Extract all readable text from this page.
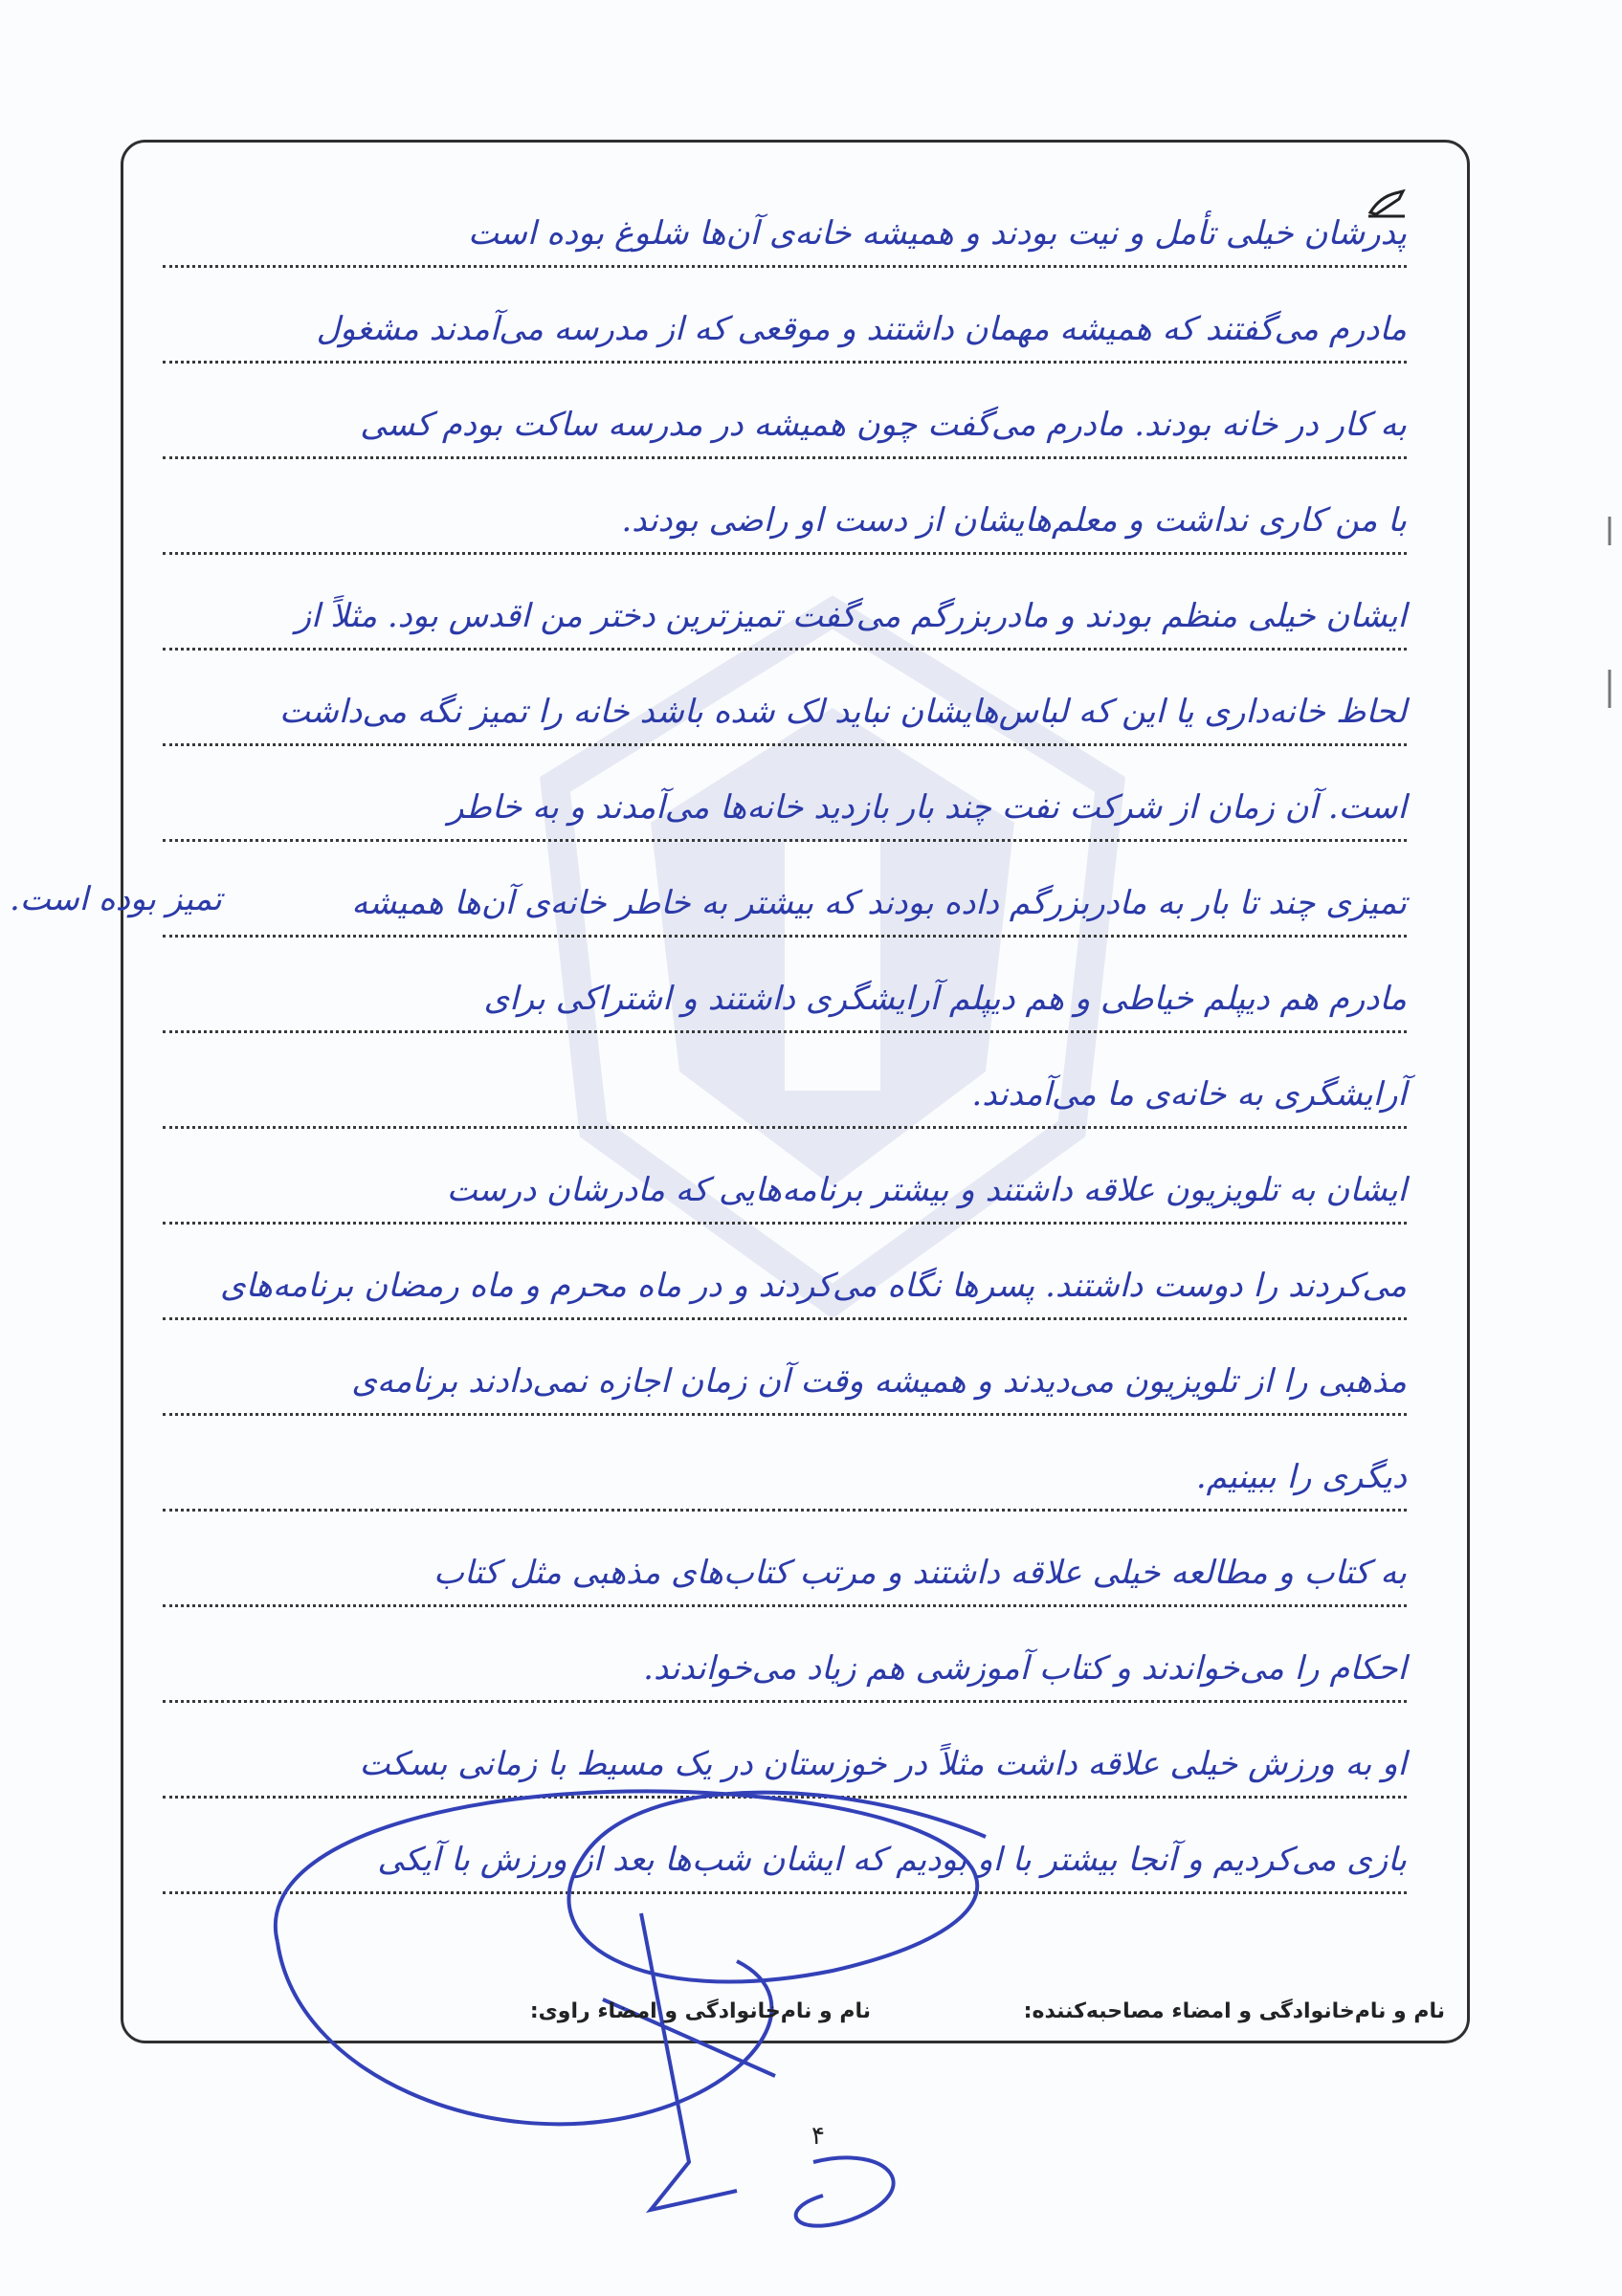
پدرشان خیلی تأمل و نیت بودند و همیشه خانه‌ی آن‌ها شلوغ بوده است
مادرم می‌گفتند که همیشه مهمان داشتند و موقعی که از مدرسه می‌آمدند مشغول
به کار در خانه بودند. مادرم می‌گفت چون همیشه در مدرسه ساکت بودم کسی
با من کاری نداشت و معلم‌هایشان از دست او راضی بودند.
ایشان خیلی منظم بودند و مادربزرگم می‌گفت تمیزترین دختر من اقدس بود. مثلاً از
لحاظ خانه‌داری یا این که لباس‌هایشان نباید لک شده باشد خانه را تمیز نگه می‌داشت
است. آن زمان از شرکت نفت چند بار بازدید خانه‌ها می‌آمدند و به خاطر
تمیزی چند تا بار به مادربزرگم داده بودند که بیشتر به خاطر خانه‌ی آن‌ها همیشه
مادرم هم دیپلم خیاطی و هم دیپلم آرایشگری داشتند و اشتراکی برای
آرایشگری به خانه‌ی ما می‌آمدند.
ایشان به تلویزیون علاقه داشتند و بیشتر برنامه‌هایی که مادرشان درست
می‌کردند را دوست داشتند. پسرها نگاه می‌کردند و در ماه محرم و ماه رمضان برنامه‌های
مذهبی را از تلویزیون می‌دیدند و همیشه وقت آن زمان اجازه نمی‌دادند برنامه‌ی
دیگری را ببینیم.
به کتاب و مطالعه خیلی علاقه داشتند و مرتب کتاب‌های مذهبی مثل کتاب
احکام را می‌خواندند و کتاب آموزشی هم زیاد می‌خواندند.
او به ورزش خیلی علاقه داشت مثلاً در خوزستان در یک مسیط با زمانی بسکت
بازی می‌کردیم و آنجا بیشتر با او بودیم که ایشان شب‌ها بعد از ورزش با آیکی
تمیز بوده است.
نام و نام‌خانوادگی و امضاء مصاحبه‌کننده:
نام و نام‌خانوادگی و امضاء راوی:
۴
